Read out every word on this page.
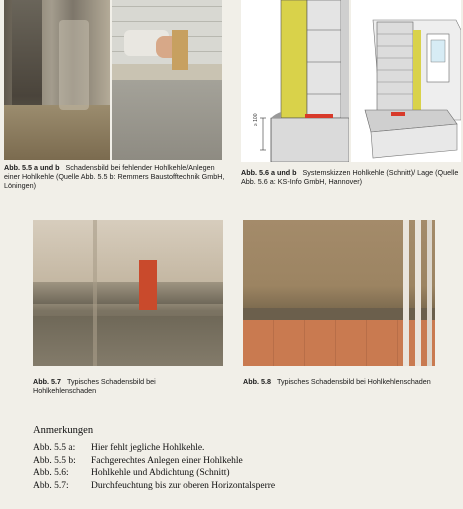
≥ 100
Abb. 5.5 a und b Schadensbild bei fehlender Hohlkehle/Anlegen einer Hohlkehle (Quelle Abb. 5.5 b: Remmers Baustofftechnik GmbH, Löningen)
Abb. 5.6 a und b Systemskizzen Hohlkehle (Schnitt)/ Lage (Quelle Abb. 5.6 a: KS-Info GmbH, Hannover)
Abb. 5.7 Typisches Schadensbild bei Hohlkehlenschaden
Abb. 5.8 Typisches Schadensbild bei Hohlkehlenschaden
Anmerkungen
Abb. 5.5 a:	Hier fehlt jegliche Hohlkehle.
Abb. 5.5 b:	Fachgerechtes Anlegen einer Hohlkehle
Abb. 5.6:	Hohlkehle und Abdichtung (Schnitt)
Abb. 5.7:	Durchfeuchtung bis zur oberen Horizontalsperre
